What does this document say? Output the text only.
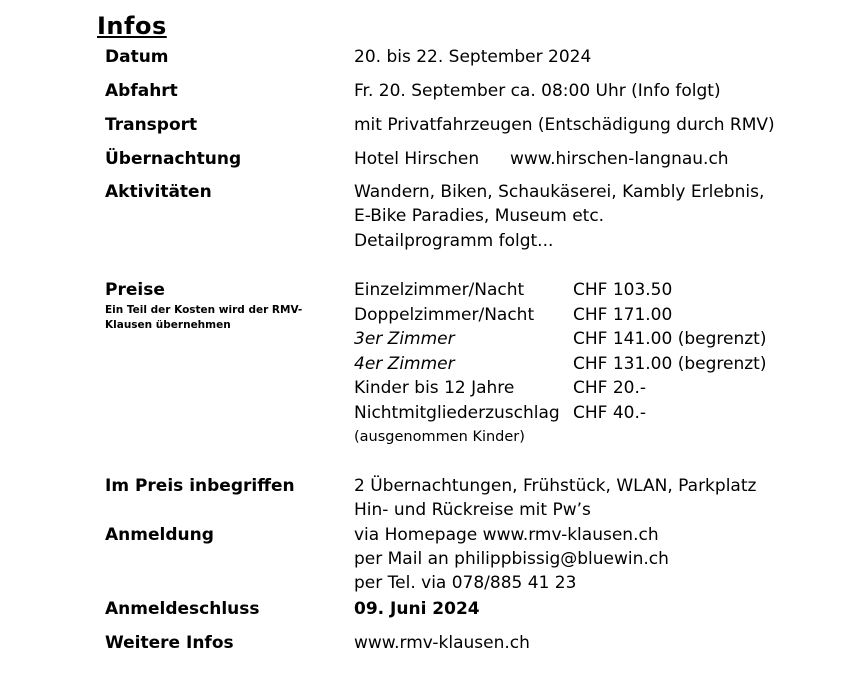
Infos
Datum	20. bis 22. September 2024
Abfahrt	Fr. 20. September ca. 08:00 Uhr (Info folgt)
Transport	mit Privatfahrzeugen (Entschädigung durch RMV)
Übernachtung	Hotel Hirschen www.hirschen-langnau.ch
Aktivitäten	Wandern, Biken, Schaukäserei, Kambly Erlebnis,
E-Bike Paradies, Museum etc.
Detailprogramm folgt...
Preise
Ein Teil der Kosten wird der RMV-Klausen übernehmen
Einzelzimmer/Nacht	CHF 103.50
Doppelzimmer/Nacht CHF 171.00
3er Zimmer	CHF 141.00 (begrenzt)
4er Zimmer	CHF 131.00 (begrenzt)
Kinder bis 12 Jahre	CHF 20.-
Nichtmitgliederzuschlag CHF 40.-
(ausgenommen Kinder)
Im Preis inbegriffen	2 Übernachtungen, Frühstück, WLAN, Parkplatz
Hin- und Rückreise mit Pw’s
Anmeldung	via Homepage www.rmv-klausen.ch
per Mail an philippbissig@bluewin.ch
per Tel. via 078/885 41 23
Anmeldeschluss	09. Juni 2024
Weitere Infos	www.rmv-klausen.ch
